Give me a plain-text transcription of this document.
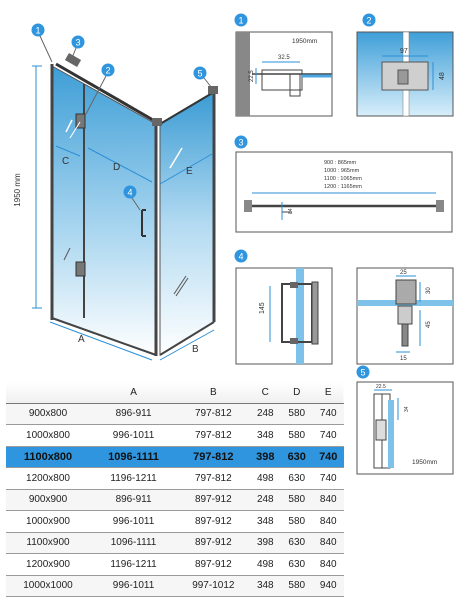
1950 mm
A
B
C
D	E
1
3
2	5
4
1
1950mm
32.5
22.5
2
97
48
3
900 : 865mm
1000 : 965mm
1100 : 1065mm
1200 : 1165mm
84
4
145
25
30
45
15
5
22.5
34
1950mm
	A	B	C	D	E
900x800	896-911	797-812	248	580	740
1000x800	996-1011	797-812	348	580	740
1100x800	1096-1111	797-812	398	630	740
1200x800	1196-1211	797-812	498	630	740
900x900	896-911	897-912	248	580	840
1000x900	996-1011	897-912	348	580	840
1100x900	1096-1111	897-912	398	630	840
1200x900	1196-1211	897-912	498	630	840
1000x1000	996-1011	997-1012	348	580	940
